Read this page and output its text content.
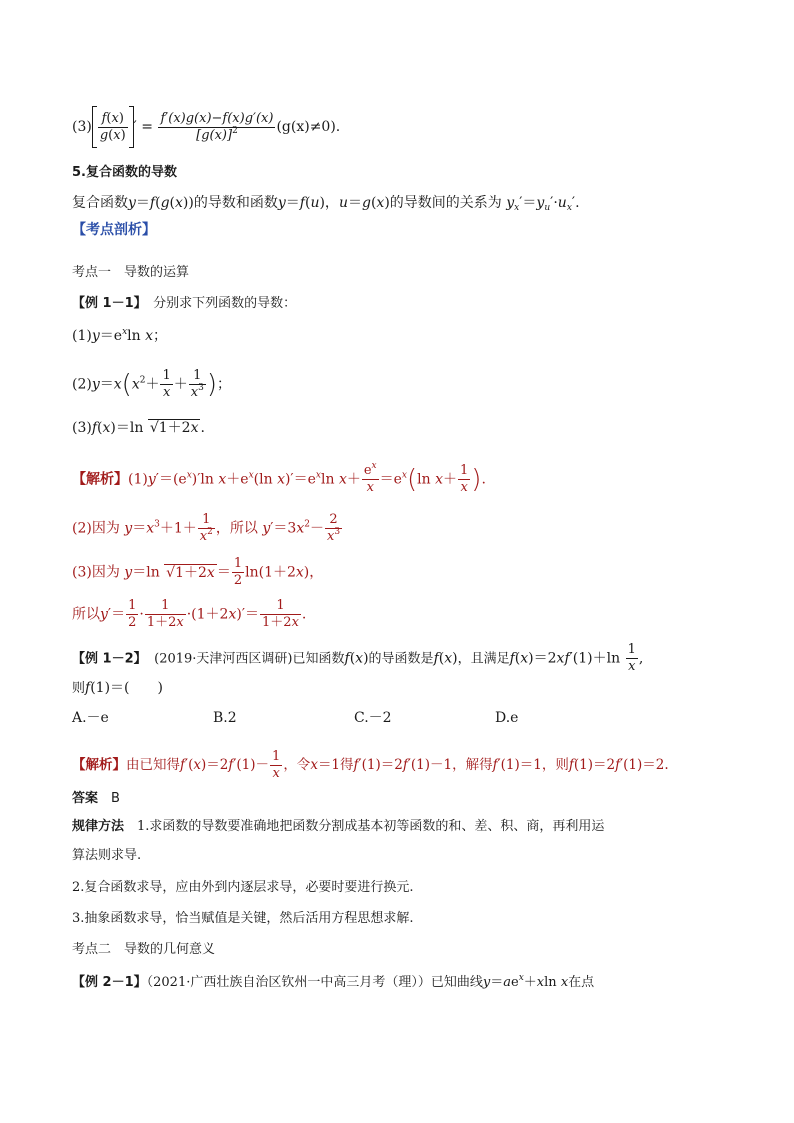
$(3) \frac{f(x)}{g(x)}$ ′ = $\frac{f'(x)g(x)-f(x)g'(x)}{[g(x)]^2} (g(x)\ne 0)$.
5.复合函数的导数
复合函数y＝f(g(x))的导数和函数y＝f(u)，u＝g(x)的导数间的关系为 $y_x'=y_u'\cdot u_x'$.
【考点剖析】
考点一　导数的运算
【例 1－1】　 分别求下列函数的导数：
$(1)y=e^x\ln$ x；
$(2)y=x(x^2+ \frac{1}{x} + \frac{1}{x^3}$ )；
(3)f(x)＝ln √1＋2x .
【解析】$(1)y'=(e^x)'\ln$ $x+e^x(\ln$ $x)'=e^x\ln$ $x+ \frac{e^x}{x} =e^x(\ln$ $x+ \frac{1}{x}$ ).
(2)因为 $y=x^3+1+ \frac{1}{x^2}$ ，所以 $y'=3x^2- \frac{2}{x^3}$
(3)因为 y＝ln $√1+2x = \frac{1}{2} \ln(1+2x)$，
所以$y'= \frac{1}{2} \cdot \frac{1}{1+2x} \cdot(1+2x)'= \frac{1}{1+2x}$ .
【例 1－2】　 (2019·天津河西区调研)已知函数f(x)的导函数是f(x)，且满足$f(x)=2xf'(1)+\ln \frac{1}{x}$ ,
则f(1)＝(　　)
A.－e	B.2	C.－2	D.e
【解析】由已知得$f'(x)=2f'(1)- \frac{1}{x}$ ，令x＝1得f′(1)＝2f′(1)－1，解得f′(1)＝1，则f(1)＝2f′(1)＝2.
答案　 B
规律方法　 1.求函数的导数要准确地把函数分割成基本初等函数的和、差、积、商，再利用运
算法则求导.
2.复合函数求导，应由外到内逐层求导，必要时要进行换元.
3.抽象函数求导，恰当赋值是关键，然后活用方程思想求解.
考点二　导数的几何意义
【例 2－1】（2021·广西壮族自治区钦州一中高三月考（理））已知曲线$y=ae^x+xln$ x在点
